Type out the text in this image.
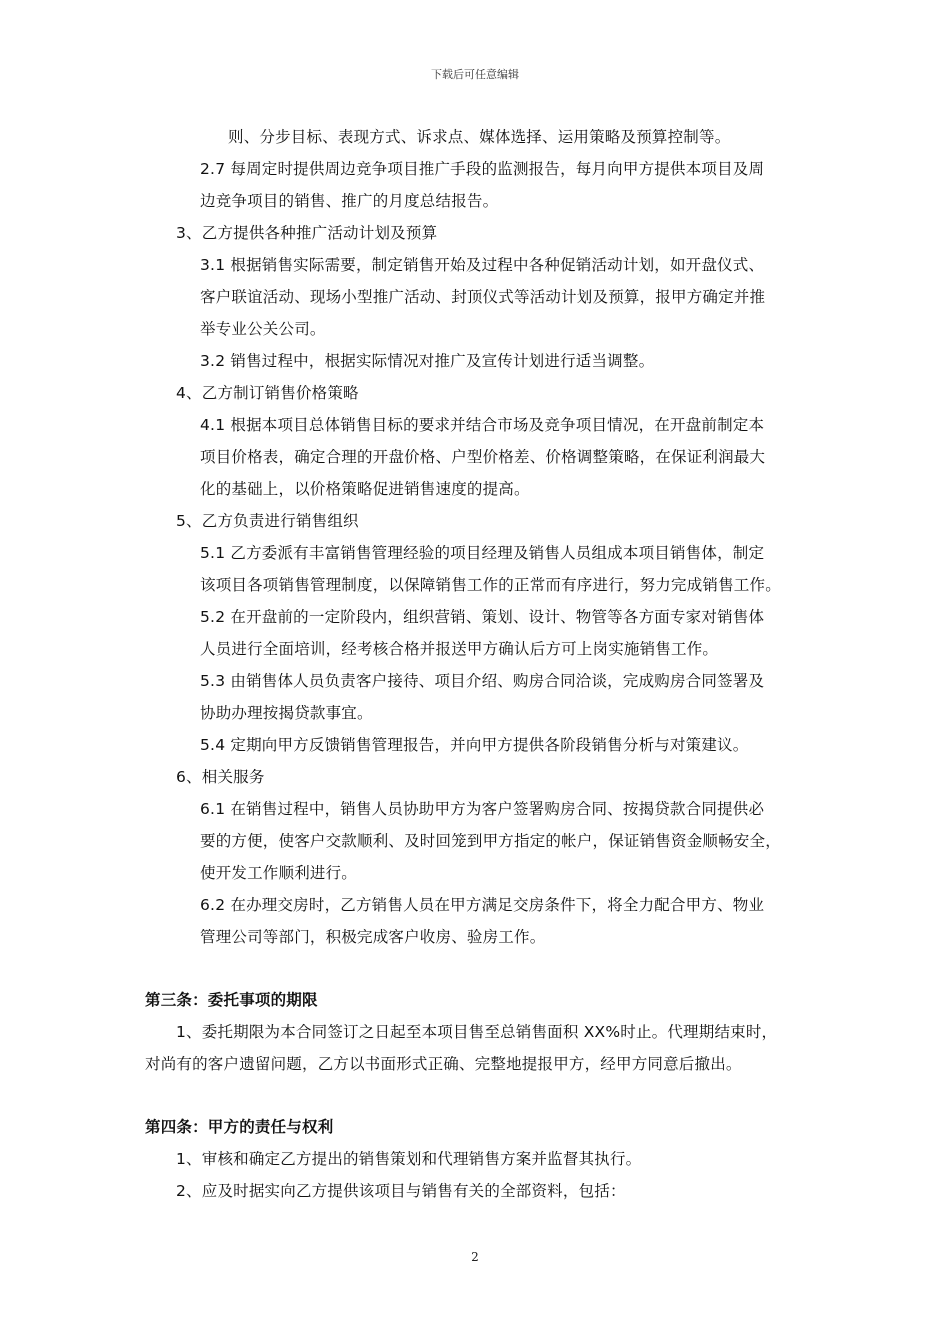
下载后可任意编辑
则、分步目标、表现方式、诉求点、媒体选择、运用策略及预算控制等。
2.7 每周定时提供周边竞争项目推广手段的监测报告，每月向甲方提供本项目及周
边竞争项目的销售、推广的月度总结报告。
3、乙方提供各种推广活动计划及预算
3.1 根据销售实际需要，制定销售开始及过程中各种促销活动计划，如开盘仪式、
客户联谊活动、现场小型推广活动、封顶仪式等活动计划及预算，报甲方确定并推
举专业公关公司。
3.2 销售过程中，根据实际情况对推广及宣传计划进行适当调整。
4、乙方制订销售价格策略
4.1 根据本项目总体销售目标的要求并结合市场及竞争项目情况，在开盘前制定本
项目价格表，确定合理的开盘价格、户型价格差、价格调整策略，在保证利润最大
化的基础上，以价格策略促进销售速度的提高。
5、乙方负责进行销售组织
5.1 乙方委派有丰富销售管理经验的项目经理及销售人员组成本项目销售体，制定
该项目各项销售管理制度，以保障销售工作的正常而有序进行，努力完成销售工作。
5.2 在开盘前的一定阶段内，组织营销、策划、设计、物管等各方面专家对销售体
人员进行全面培训，经考核合格并报送甲方确认后方可上岗实施销售工作。
5.3 由销售体人员负责客户接待、项目介绍、购房合同洽谈，完成购房合同签署及
协助办理按揭贷款事宜。
5.4 定期向甲方反馈销售管理报告，并向甲方提供各阶段销售分析与对策建议。
6、相关服务
6.1 在销售过程中，销售人员协助甲方为客户签署购房合同、按揭贷款合同提供必
要的方便，使客户交款顺利、及时回笼到甲方指定的帐户，保证销售资金顺畅安全，
使开发工作顺利进行。
6.2 在办理交房时，乙方销售人员在甲方满足交房条件下，将全力配合甲方、物业
管理公司等部门，积极完成客户收房、验房工作。
第三条：委托事项的期限
1、委托期限为本合同签订之日起至本项目售至总销售面积 XX%时止。代理期结束时，
对尚有的客户遗留问题，乙方以书面形式正确、完整地提报甲方，经甲方同意后撤出。
第四条：甲方的责任与权利
1、审核和确定乙方提出的销售策划和代理销售方案并监督其执行。
2、应及时据实向乙方提供该项目与销售有关的全部资料，包括：
2
